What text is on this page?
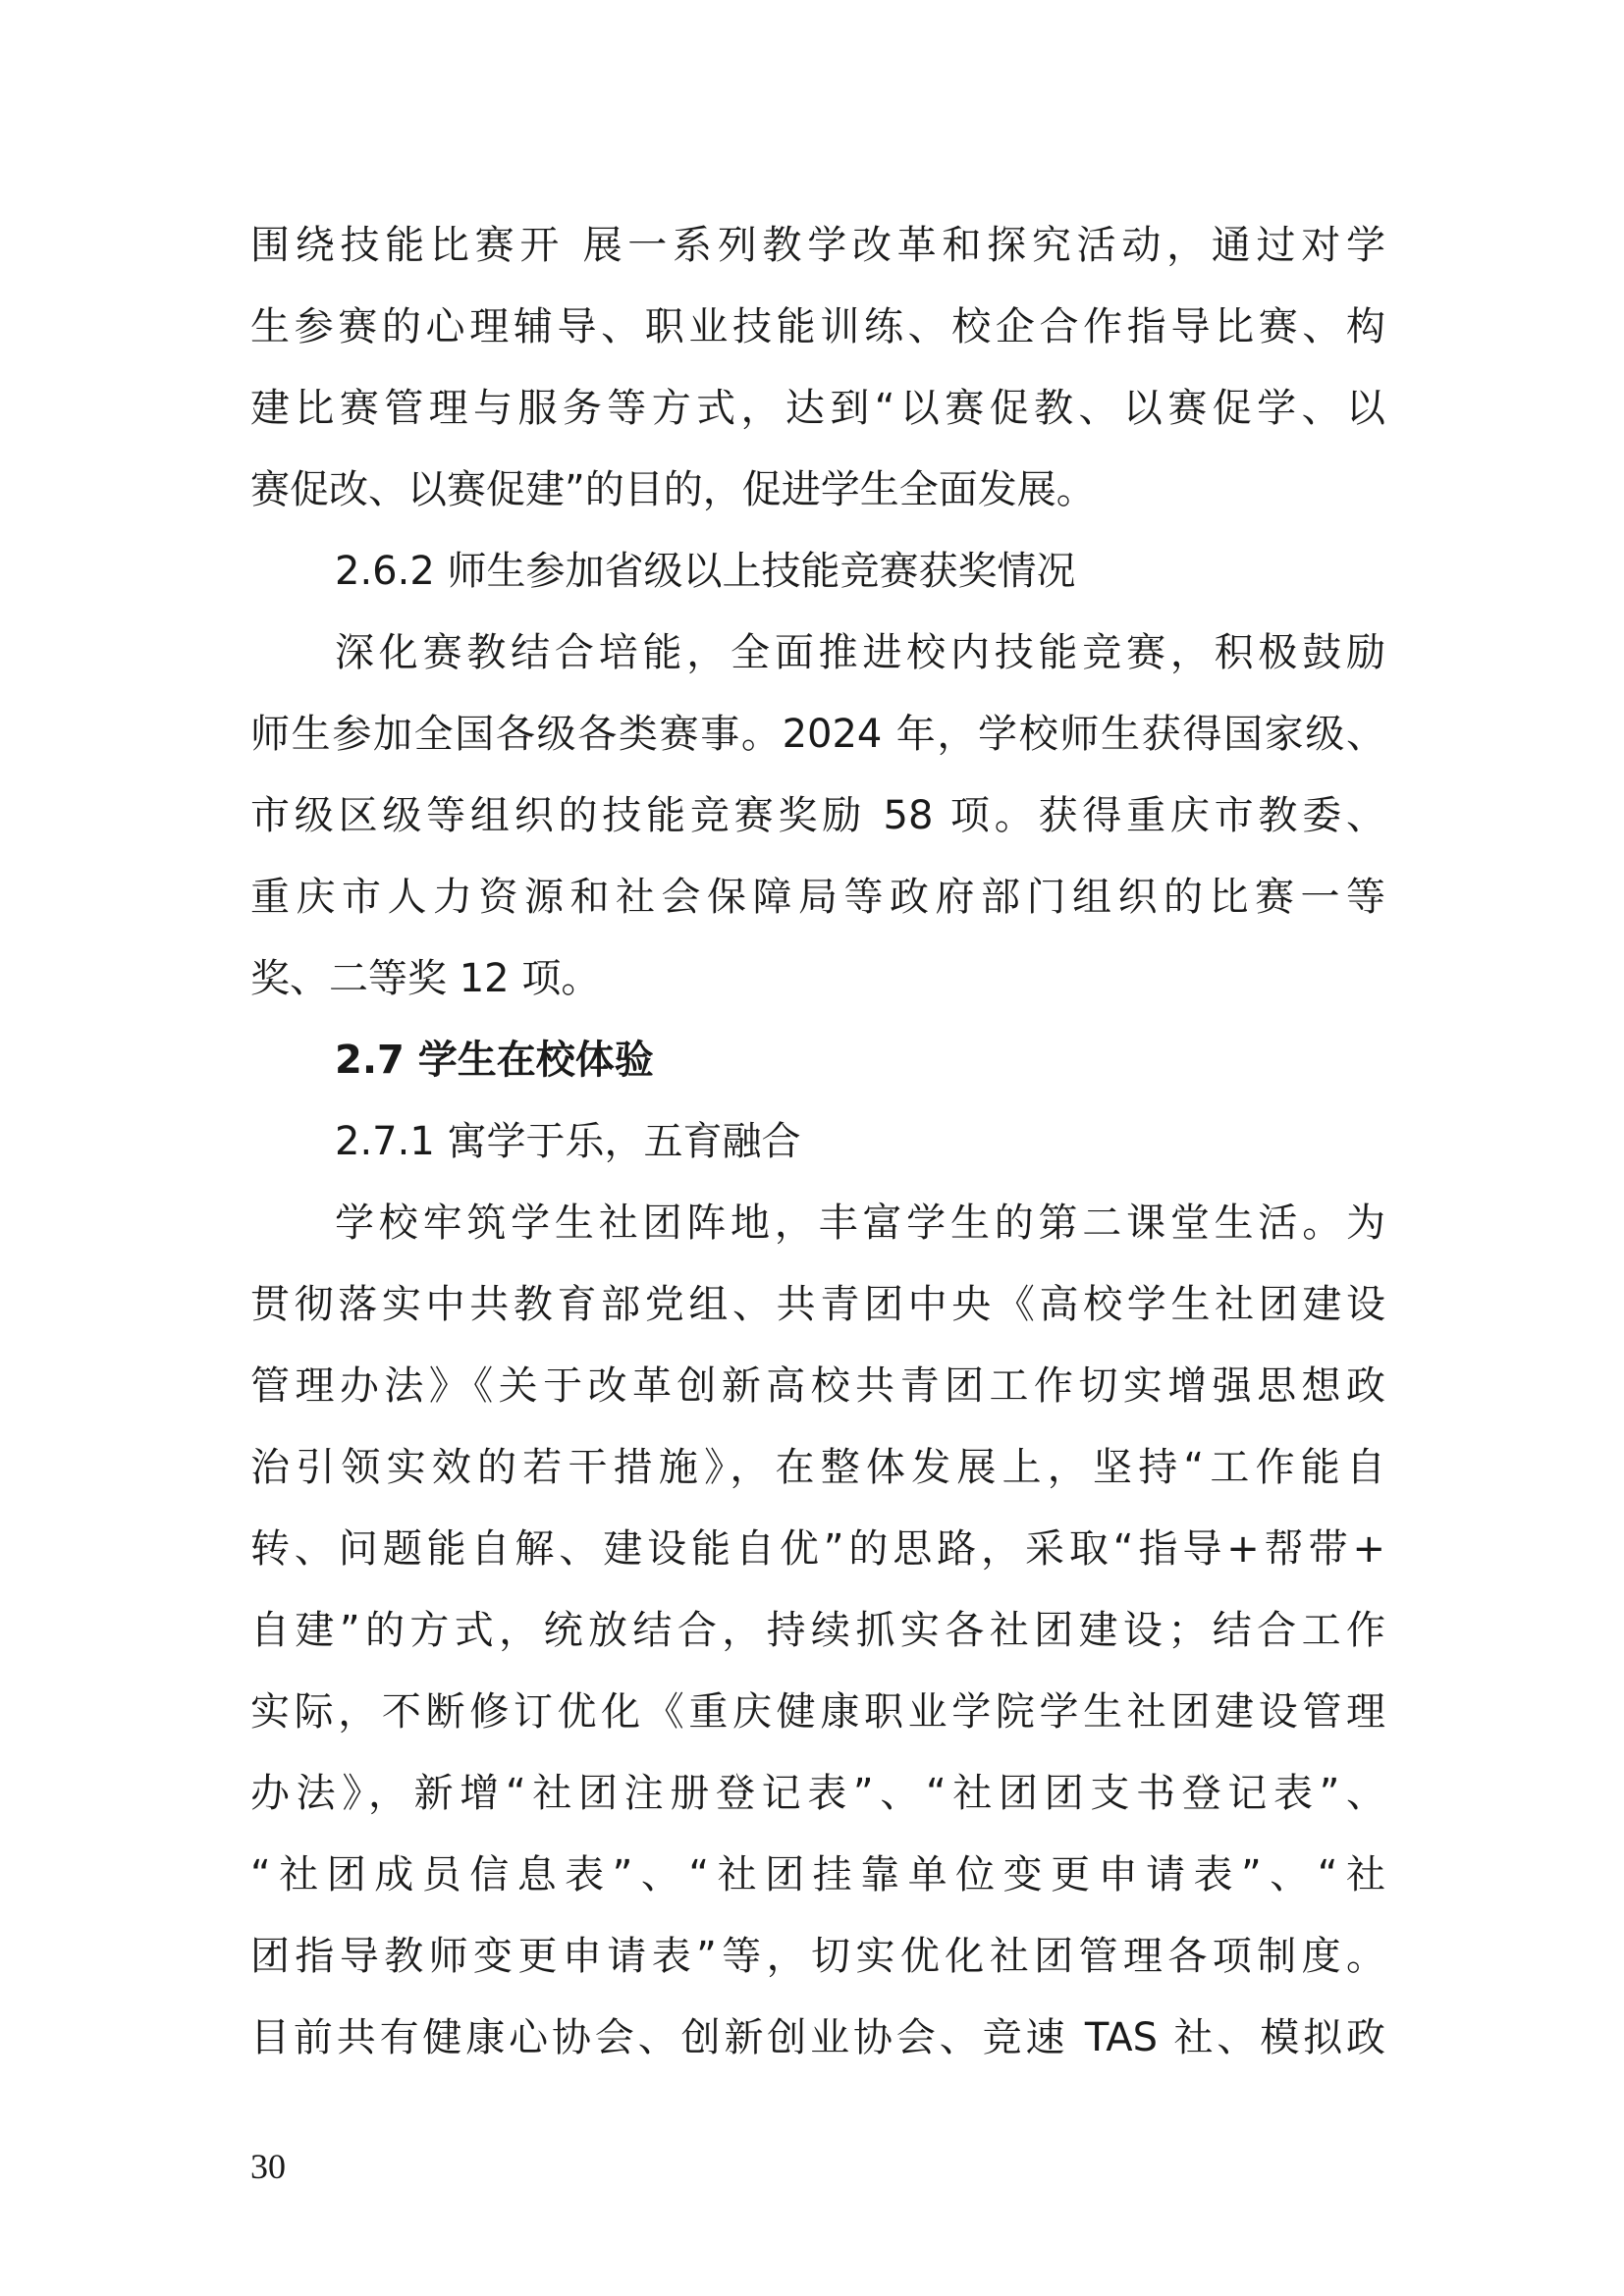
围绕技能比赛开 展一系列教学改革和探究活动，通过对学
生参赛的心理辅导、职业技能训练、校企合作指导比赛、构
建比赛管理与服务等方式，达到“以赛促教、以赛促学、以
赛促改、以赛促建”的目的，促进学生全面发展。
2.6.2 师生参加省级以上技能竞赛获奖情况
深化赛教结合培能，全面推进校内技能竞赛，积极鼓励
师生参加全国各级各类赛事。2024 年，学校师生获得国家级、
市级区级等组织的技能竞赛奖励 58 项。获得重庆市教委、
重庆市人力资源和社会保障局等政府部门组织的比赛一等
奖、二等奖 12 项。
2.7 学生在校体验
2.7.1 寓学于乐，五育融合
学校牢筑学生社团阵地，丰富学生的第二课堂生活。为
贯彻落实中共教育部党组、共青团中央《高校学生社团建设
管理办法》《关于改革创新高校共青团工作切实增强思想政
治引领实效的若干措施》，在整体发展上，坚持“工作能自
转、问题能自解、建设能自优”的思路，采取“指导+帮带+
自建”的方式，统放结合，持续抓实各社团建设；结合工作
实际，不断修订优化《重庆健康职业学院学生社团建设管理
办法》，新增“社团注册登记表”、“社团团支书登记表”、
“社团成员信息表”、“社团挂靠单位变更申请表”、“社
团指导教师变更申请表”等，切实优化社团管理各项制度。
目前共有健康心协会、创新创业协会、竞速 TAS 社、模拟政
30
